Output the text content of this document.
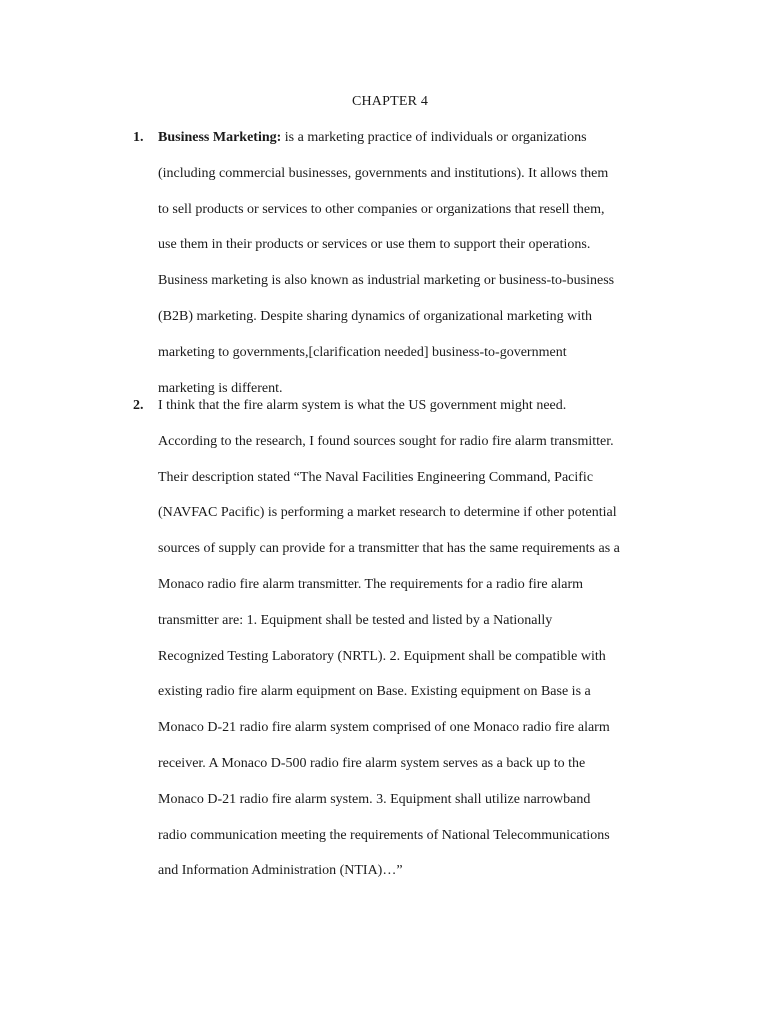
CHAPTER 4
1. Business Marketing: is a marketing practice of individuals or organizations
(including commercial businesses, governments and institutions). It allows them
to sell products or services to other companies or organizations that resell them,
use them in their products or services or use them to support their operations.
Business marketing is also known as industrial marketing or business-to-business
(B2B) marketing. Despite sharing dynamics of organizational marketing with
marketing to governments,[clarification needed] business-to-government
marketing is different.
2. I think that the fire alarm system is what the US government might need.
According to the research, I found sources sought for radio fire alarm transmitter.
Their description stated “The Naval Facilities Engineering Command, Pacific
(NAVFAC Pacific) is performing a market research to determine if other potential
sources of supply can provide for a transmitter that has the same requirements as a
Monaco radio fire alarm transmitter. The requirements for a radio fire alarm
transmitter are: 1. Equipment shall be tested and listed by a Nationally
Recognized Testing Laboratory (NRTL). 2. Equipment shall be compatible with
existing radio fire alarm equipment on Base. Existing equipment on Base is a
Monaco D-21 radio fire alarm system comprised of one Monaco radio fire alarm
receiver. A Monaco D-500 radio fire alarm system serves as a back up to the
Monaco D-21 radio fire alarm system. 3. Equipment shall utilize narrowband
radio communication meeting the requirements of National Telecommunications
and Information Administration (NTIA)…”
